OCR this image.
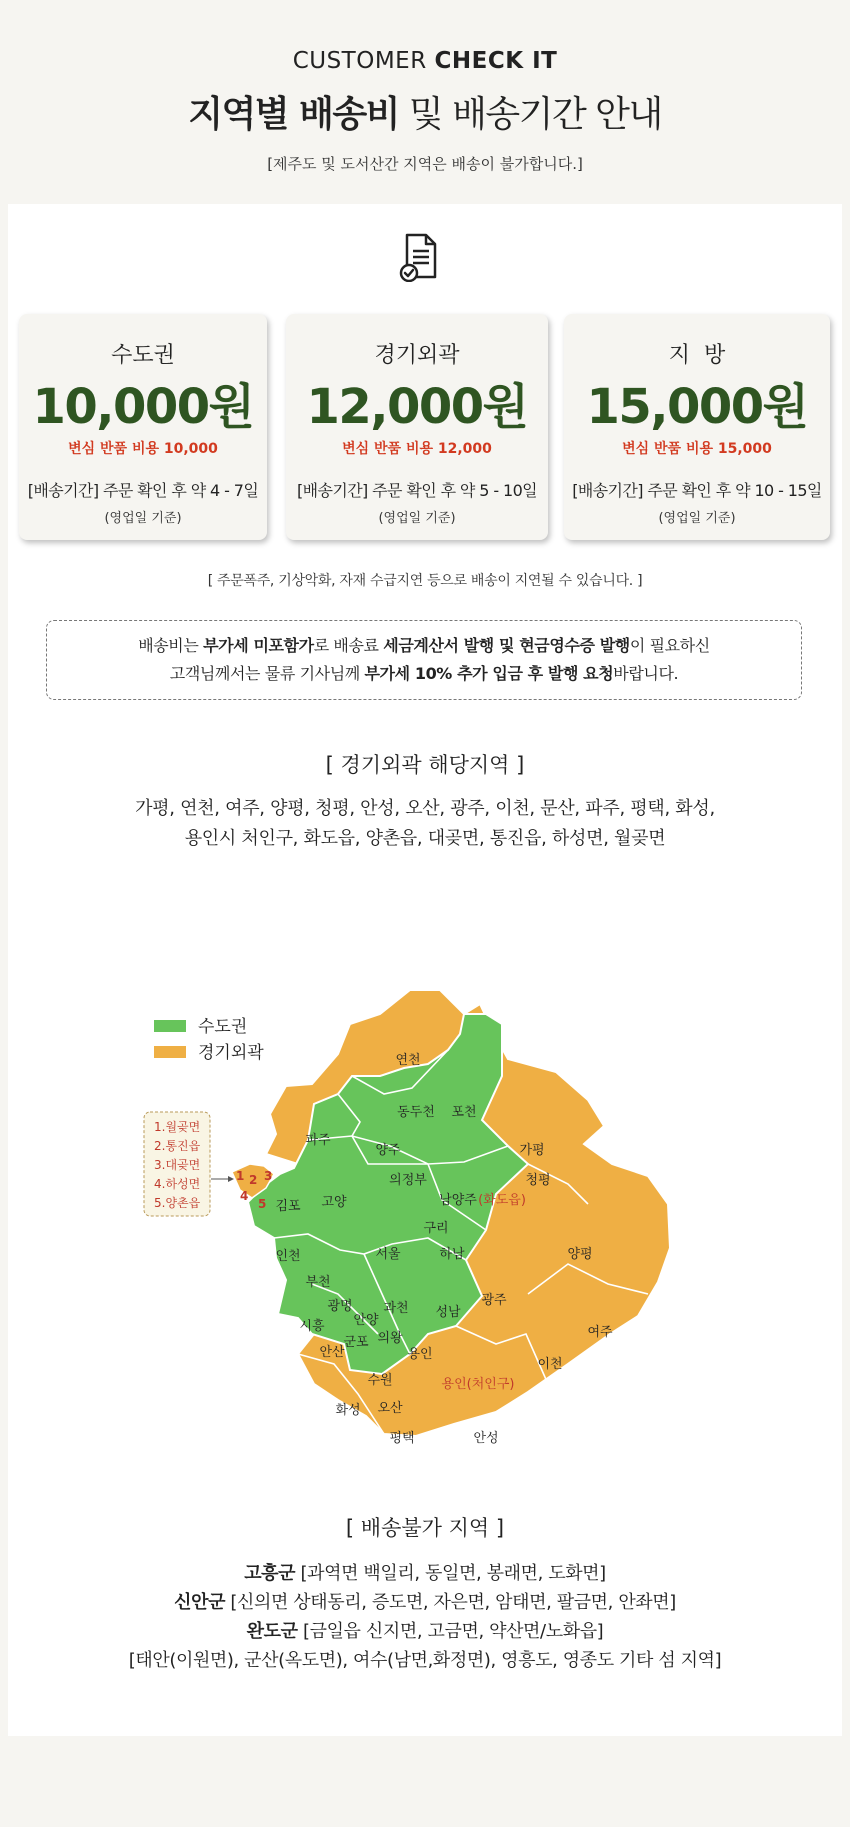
CUSTOMER CHECK IT
지역별 배송비 및 배송기간 안내
[제주도 및 도서산간 지역은 배송이 불가합니다.]
수도권
10,000원
변심 반품 비용 10,000
[배송기간] 주문 확인 후 약 4 - 7일
(영업일 기준)
경기외곽
12,000원
변심 반품 비용 12,000
[배송기간] 주문 확인 후 약 5 - 10일
(영업일 기준)
지  방
15,000원
변심 반품 비용 15,000
[배송기간] 주문 확인 후 약 10 - 15일
(영업일 기준)
[ 주문폭주, 기상악화, 자재 수급지연 등으로 배송이 지연될 수 있습니다. ]
배송비는 부가세 미포함가로 배송료 세금계산서 발행 및 현금영수증 발행이 필요하신
고객님께서는 물류 기사님께 부가세 10% 추가 입금 후 발행 요청바랍니다.
[ 경기외곽 해당지역 ]
가평, 연천, 여주, 양평, 청평, 안성, 오산, 광주, 이천, 문산, 파주, 평택, 화성,
용인시 처인구, 화도읍, 양촌읍, 대곶면, 통진읍, 하성면, 월곶면
수도권
경기외곽
1.월곶면
2.통진읍
3.대곶면
4.하성면
5.양촌읍
1 2 3
4
5
동두천 포천
양주
의정부
고양
김포	남양주
구리
서울	하남
인천
부천
광명 과천 성남
시흥 안양
의왕
군포
안산	용인
수원
연천
파주
가평
청평
양평
광주
여주
이천
화성 오산
평택	안성
(화도읍)
용인(처인구)
[ 배송불가 지역 ]
고흥군 [과역면 백일리, 동일면, 봉래면, 도화면]
신안군 [신의면 상태동리, 증도면, 자은면, 암태면, 팔금면, 안좌면]
완도군 [금일읍 신지면, 고금면, 약산면/노화읍]
[태안(이원면), 군산(옥도면), 여수(남면,화정면), 영흥도, 영종도 기타 섬 지역]
